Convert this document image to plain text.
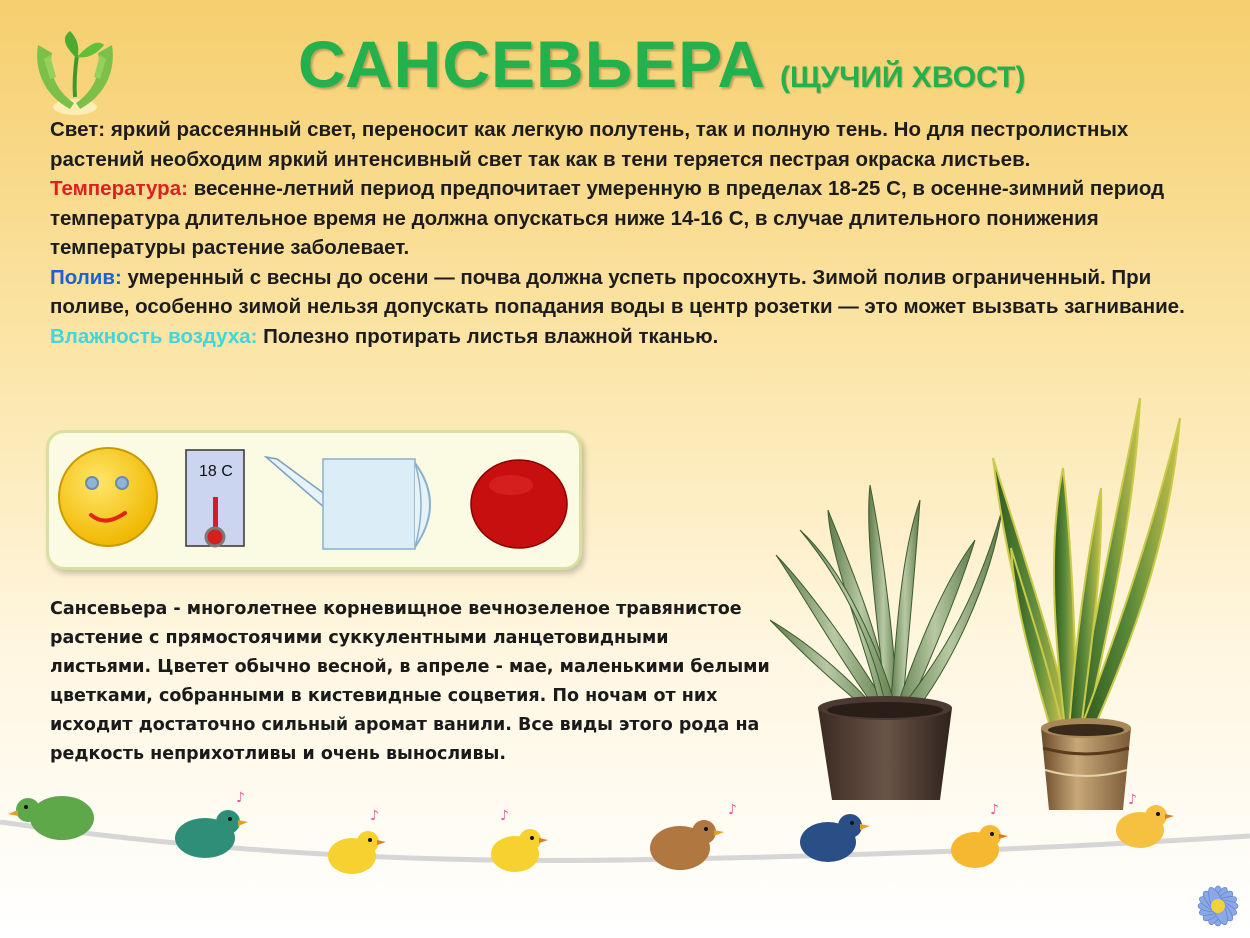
САНСЕВЬЕРА (ЩУЧИЙ ХВОСТ)

Свет: яркий рассеянный свет, переносит как легкую полутень, так и полную тень. Но для пестролистных растений необходим яркий интенсивный свет так как в тени теряется пестрая окраска листьев.

Температура: весенне-летний период предпочитает умеренную в пределах 18-25 С, в осенне-зимний период температура длительное время не должна опускаться ниже 14-16 С, в случае длительного понижения температуры растение заболевает.

Полив: умеренный с весны до осени — почва должна успеть просохнуть. Зимой полив ограниченный. При поливе, особенно зимой нельзя допускать попадания воды в центр розетки — это может вызвать загнивание.

Влажность воздуха: Полезно протирать листья влажной тканью.

18 С
Сансевьера - многолетнее корневищное вечнозеленое травянистое растение с прямостоячими суккулентными ланцетовидными листьями. Цветет обычно весной, в апреле - мае, маленькими белыми цветками, собранными в кистевидные соцветия. По ночам от них исходит достаточно сильный аромат ванили. Все виды этого рода на редкость неприхотливы и очень выносливы.
♪
♪	♪	♪	♪
♪
